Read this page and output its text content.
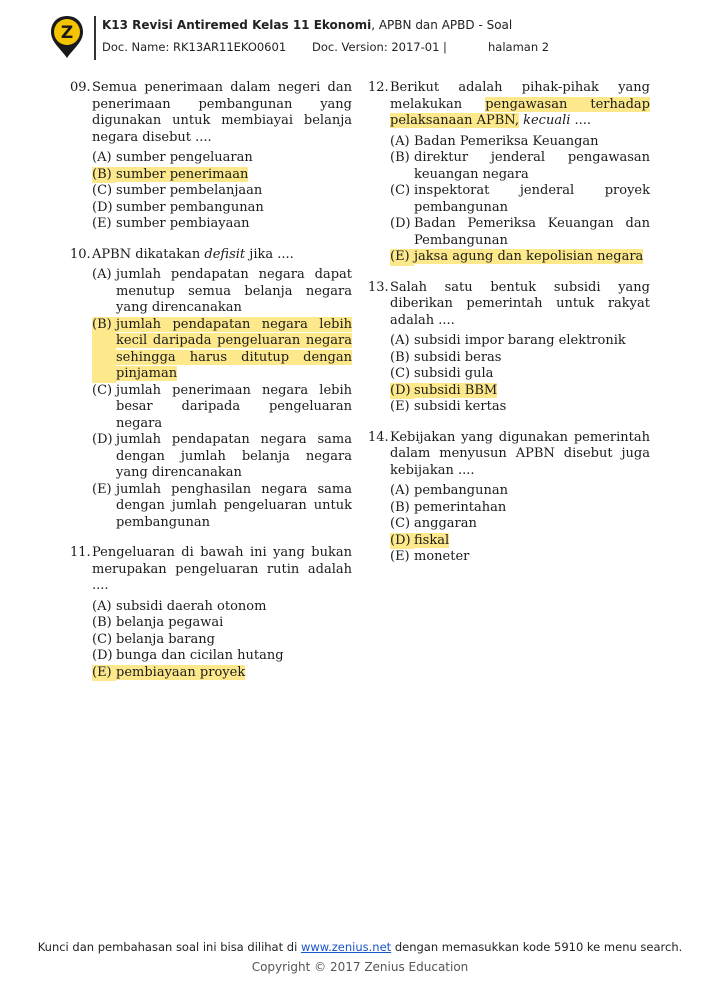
Z K13 Revisi Antiremed Kelas 11 Ekonomi, APBN dan APBD - Soal
Doc. Name: RK13AR11EKO0601 Doc. Version: 2017-01 |	halaman 2
09. Semua penerimaan dalam negeri dan penerimaan pembangunan yang digunakan untuk membiayai belanja negara disebut ....
(A) sumber pengeluaran
(B) sumber penerimaan
(C) sumber pembelanjaan
(D) sumber pembangunan
(E) sumber pembiayaan
10. APBN dikatakan defisit jika ....
(A) jumlah pendapatan negara dapat menutup semua belanja negara yang direncanakan
(B) jumlah pendapatan negara lebih kecil daripada pengeluaran negara sehingga harus ditutup dengan pinjaman
(C) jumlah penerimaan negara lebih besar daripada pengeluaran negara
(D) jumlah pendapatan negara sama dengan jumlah belanja negara yang direncanakan
(E) jumlah penghasilan negara sama dengan jumlah pengeluaran untuk pembangunan
11. Pengeluaran di bawah ini yang bukan merupakan pengeluaran rutin adalah ....
(A) subsidi daerah otonom
(B) belanja pegawai
(C) belanja barang
(D) bunga dan cicilan hutang
(E) pembiayaan proyek
12. Berikut adalah pihak-pihak yang melakukan pengawasan terhadap pelaksanaan APBN, kecuali ....
(A) Badan Pemeriksa Keuangan
(B) direktur jenderal pengawasan keuangan negara
(C) inspektorat jenderal proyek pembangunan
(D) Badan Pemeriksa Keuangan dan Pembangunan
(E) jaksa agung dan kepolisian negara
13. Salah satu bentuk subsidi yang diberikan pemerintah untuk rakyat adalah ....
(A) subsidi impor barang elektronik
(B) subsidi beras
(C) subsidi gula
(D) subsidi BBM
(E) subsidi kertas
14. Kebijakan yang digunakan pemerintah dalam menyusun APBN disebut juga kebijakan ....
(A) pembangunan
(B) pemerintahan
(C) anggaran
(D) fiskal
(E) moneter
Kunci dan pembahasan soal ini bisa dilihat di www.zenius.net dengan memasukkan kode 5910 ke menu search.
Copyright © 2017 Zenius Education
